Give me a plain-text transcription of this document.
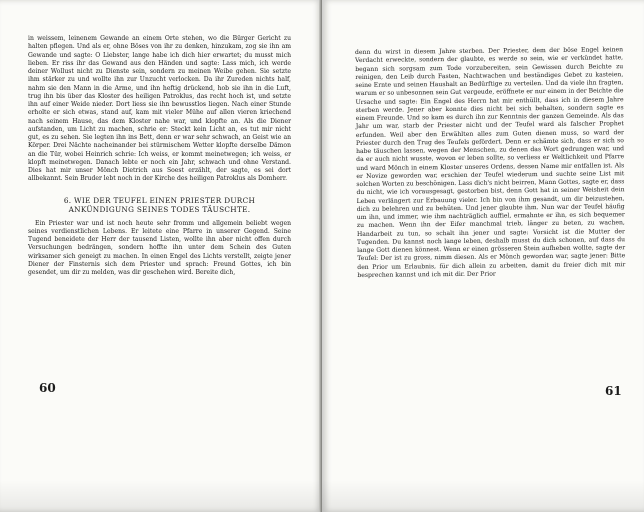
in weissem, leinenem Gewande an einem Orte stehen, wo die Bürger Gericht zu halten pflegen. Und als er, ohne Böses von ihr zu denken, hinzukam, zog sie ihn am Gewande und sagte: O Liebster, lange habe ich dich hier erwartet; du musst mich lieben. Er riss ihr das Gewand aus den Händen und sagte: Lass mich, ich werde deiner Wollust nicht zu Dienste sein, sondern zu meinen Weibe gehen. Sie setzte ihm stärker zu und wollte ihn zur Unzucht verlocken. Da ihr Zureden nichts half, nahm sie den Mann in die Arme, und ihn heftig drückend, hob sie ihn in die Luft, trug ihn bis über das Kloster des heiligen Patroklus, das recht hoch ist, und setzte ihn auf einer Weide nieder. Dort liess sie ihn bewusstlos liegen. Nach einer Stunde erholte er sich etwas, stand auf, kam mit vieler Mühe auf allen vieren kriechend nach seinem Hause, das dem Kloster nahe war, und klopfte an. Als die Diener aufstanden, um Licht zu machen, schrie er: Steckt kein Licht an, es tut mir nicht gut, es zu sehen. Sie legten ihn ins Bett, denn er war sehr schwach, an Geist wie an Körper. Drei Nächte nacheinander bei stürmischem Wetter klopfte derselbe Dämon an die Tür, wobei Heinrich schrie: Ich weiss, er kommt meinetwegen; ich weiss, er klopft meinetwegen. Danach lebte er noch ein Jahr, schwach und ohne Verstand. Dies hat mir unser Mönch Dietrich aus Soest erzählt, der sagte, es sei dort allbekannt. Sein Bruder lebt noch in der Kirche des heiligen Patroklus als Domherr.

6. WIE DER TEUFEL EINEN PRIESTER DURCH ANKÜNDIGUNG SEINES TODES TÄUSCHTE.

Ein Priester war und ist noch heute sehr fromm und allgemein beliebt wegen seines verdienstlichen Lebens. Er leitete eine Pfarre in unserer Gegend. Seine Tugend beneidete der Herr der tausend Listen, wollte ihn aber nicht offen durch Versuchungen bedrängen, sondern hoffte ihn unter dem Schein des Guten wirksamer sich geneigt zu machen. In einen Engel des Lichts verstellt, zeigte jener Diener der Finsternis sich dem Priester und sprach: Freund Gottes, ich bin gesendet, um dir zu melden, was dir geschehen wird. Bereite dich,

60

denn du wirst in diesem Jahre sterben. Der Priester, dem der böse Engel keinen Verdacht erweckte, sondern der glaubte, es werde so sein, wie er verkündet hatte, begann sich sorgsam zum Tode vorzubereiten, sein Gewissen durch Beichte zu reinigen, den Leib durch Fasten, Nachtwachen und beständiges Gebet zu kasteien, seine Ernte und seinen Haushalt an Bedürftige zu verteilen. Und da viele ihn fragten, warum er so unbesonnen sein Gut vergeude, eröffnete er nur einem in der Beichte die Ursache und sagte: Ein Engel des Herrn hat mir enthüllt, dass ich in diesem Jahre sterben werde. Jener aber konnte dies nicht bei sich behalten, sondern sagte es einem Freunde. Und so kam es durch ihn zur Kenntnis der ganzen Gemeinde. Als das Jahr um war, starb der Priester nicht und der Teufel ward als falscher Prophet erfunden. Weil aber den Erwählten alles zum Guten dienen muss, so ward der Priester durch den Trug des Teufels gefördert. Denn er schämte sich, dass er sich so habe täuschen lassen, wegen der Menschen, zu denen das Wort gedrungen war, und da er auch nicht wusste, wovon er leben sollte, so verliess er Weltlichkeit und Pfarre und ward Mönch in einem Kloster unseres Ordens, dessen Name mir entfallen ist. Als er Novize geworden war, erschien der Teufel wiederum und suchte seine List mit solchen Worten zu beschönigen. Lass dich's nicht beirren, Mann Gottes, sagte er, dass du nicht, wie ich vorausgesagt, gestorben bist, denn Gott hat in seiner Weisheit dein Leben verlängert zur Erbauung vieler. Ich bin von ihm gesandt, um dir beizustehen, dich zu belehren und zu behüten. Und jener glaubte ihm. Nun war der Teufel häufig um ihn, und immer, wie ihm nachträglich auffiel, ermahnte er ihn, es sich bequemer zu machen. Wenn ihn der Eifer manchmal trieb, länger zu beten, zu wachen, Handarbeit zu tun, so schalt ihn jener und sagte: Vorsicht ist die Mutter der Tugenden. Du kannst noch lange leben, deshalb musst du dich schonen, auf dass du lange Gott dienen könnest. Wenn er einen grösseren Stein aufheben wollte, sagte der Teufel: Der ist zu gross, nimm diesen. Als er Mönch geworden war, sagte jener: Bitte den Prior um Erlaubnis, für dich allein zu arbeiten, damit du freier dich mit mir besprechen kannst und ich mit dir. Der Prior

61
